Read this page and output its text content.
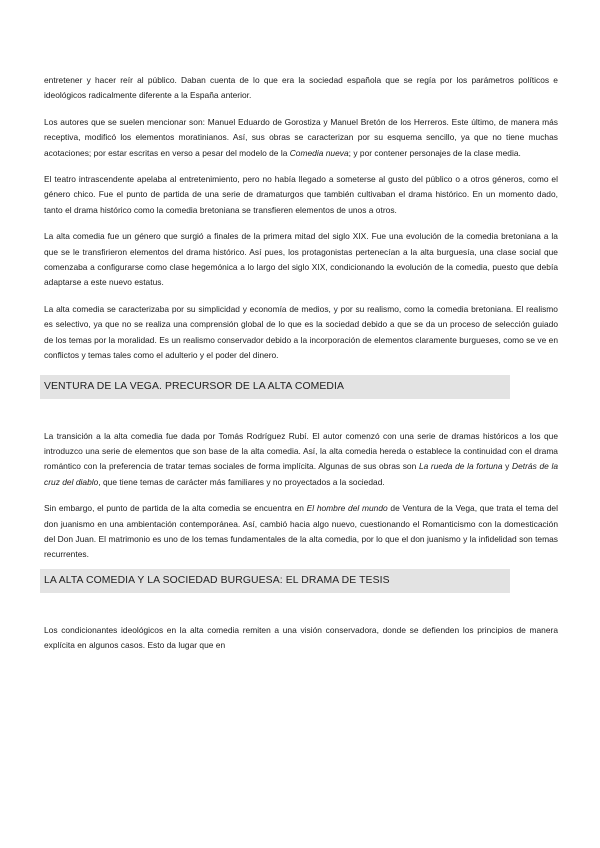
entretener y hacer reír al público. Daban cuenta de lo que era la sociedad española que se regía por los parámetros políticos e ideológicos radicalmente diferente a la España anterior.

Los autores que se suelen mencionar son: Manuel Eduardo de Gorostiza y Manuel Bretón de los Herreros. Este último, de manera más receptiva, modificó los elementos moratinianos. Así, sus obras se caracterizan por su esquema sencillo, ya que no tiene muchas acotaciones; por estar escritas en verso a pesar del modelo de la Comedia nueva; y por contener personajes de la clase media.

El teatro intrascendente apelaba al entretenimiento, pero no había llegado a someterse al gusto del público o a otros géneros, como el género chico. Fue el punto de partida de una serie de dramaturgos que también cultivaban el drama histórico. En un momento dado, tanto el drama histórico como la comedia bretoniana se transfieren elementos de unos a otros.

La alta comedia fue un género que surgió a finales de la primera mitad del siglo XIX. Fue una evolución de la comedia bretoniana a la que se le transfirieron elementos del drama histórico. Así pues, los protagonistas pertenecían a la alta burguesía, una clase social que comenzaba a configurarse como clase hegemónica a lo largo del siglo XIX, condicionando la evolución de la comedia, puesto que debía adaptarse a este nuevo estatus.

La alta comedia se caracterizaba por su simplicidad y economía de medios, y por su realismo, como la comedia bretoniana. El realismo es selectivo, ya que no se realiza una comprensión global de lo que es la sociedad debido a que se da un proceso de selección guiado de los temas por la moralidad. Es un realismo conservador debido a la incorporación de elementos claramente burgueses, como se ve en conflictos y temas tales como el adulterio y el poder del dinero.

VENTURA DE LA VEGA. PRECURSOR DE LA ALTA COMEDIA

La transición a la alta comedia fue dada por Tomás Rodríguez Rubí. El autor comenzó con una serie de dramas históricos a los que introduzco una serie de elementos que son base de la alta comedia. Así, la alta comedia hereda o establece la continuidad con el drama romántico con la preferencia de tratar temas sociales de forma implícita. Algunas de sus obras son La rueda de la fortuna y Detrás de la cruz del diablo, que tiene temas de carácter más familiares y no proyectados a la sociedad.

Sin embargo, el punto de partida de la alta comedia se encuentra en El hombre del mundo de Ventura de la Vega, que trata el tema del don juanismo en una ambientación contemporánea. Así, cambió hacia algo nuevo, cuestionando el Romanticismo con la domesticación del Don Juan. El matrimonio es uno de los temas fundamentales de la alta comedia, por lo que el don juanismo y la infidelidad son temas recurrentes.

LA ALTA COMEDIA Y LA SOCIEDAD BURGUESA: EL DRAMA DE TESIS

Los condicionantes ideológicos en la alta comedia remiten a una visión conservadora, donde se defienden los principios de manera explícita en algunos casos. Esto da lugar que en
